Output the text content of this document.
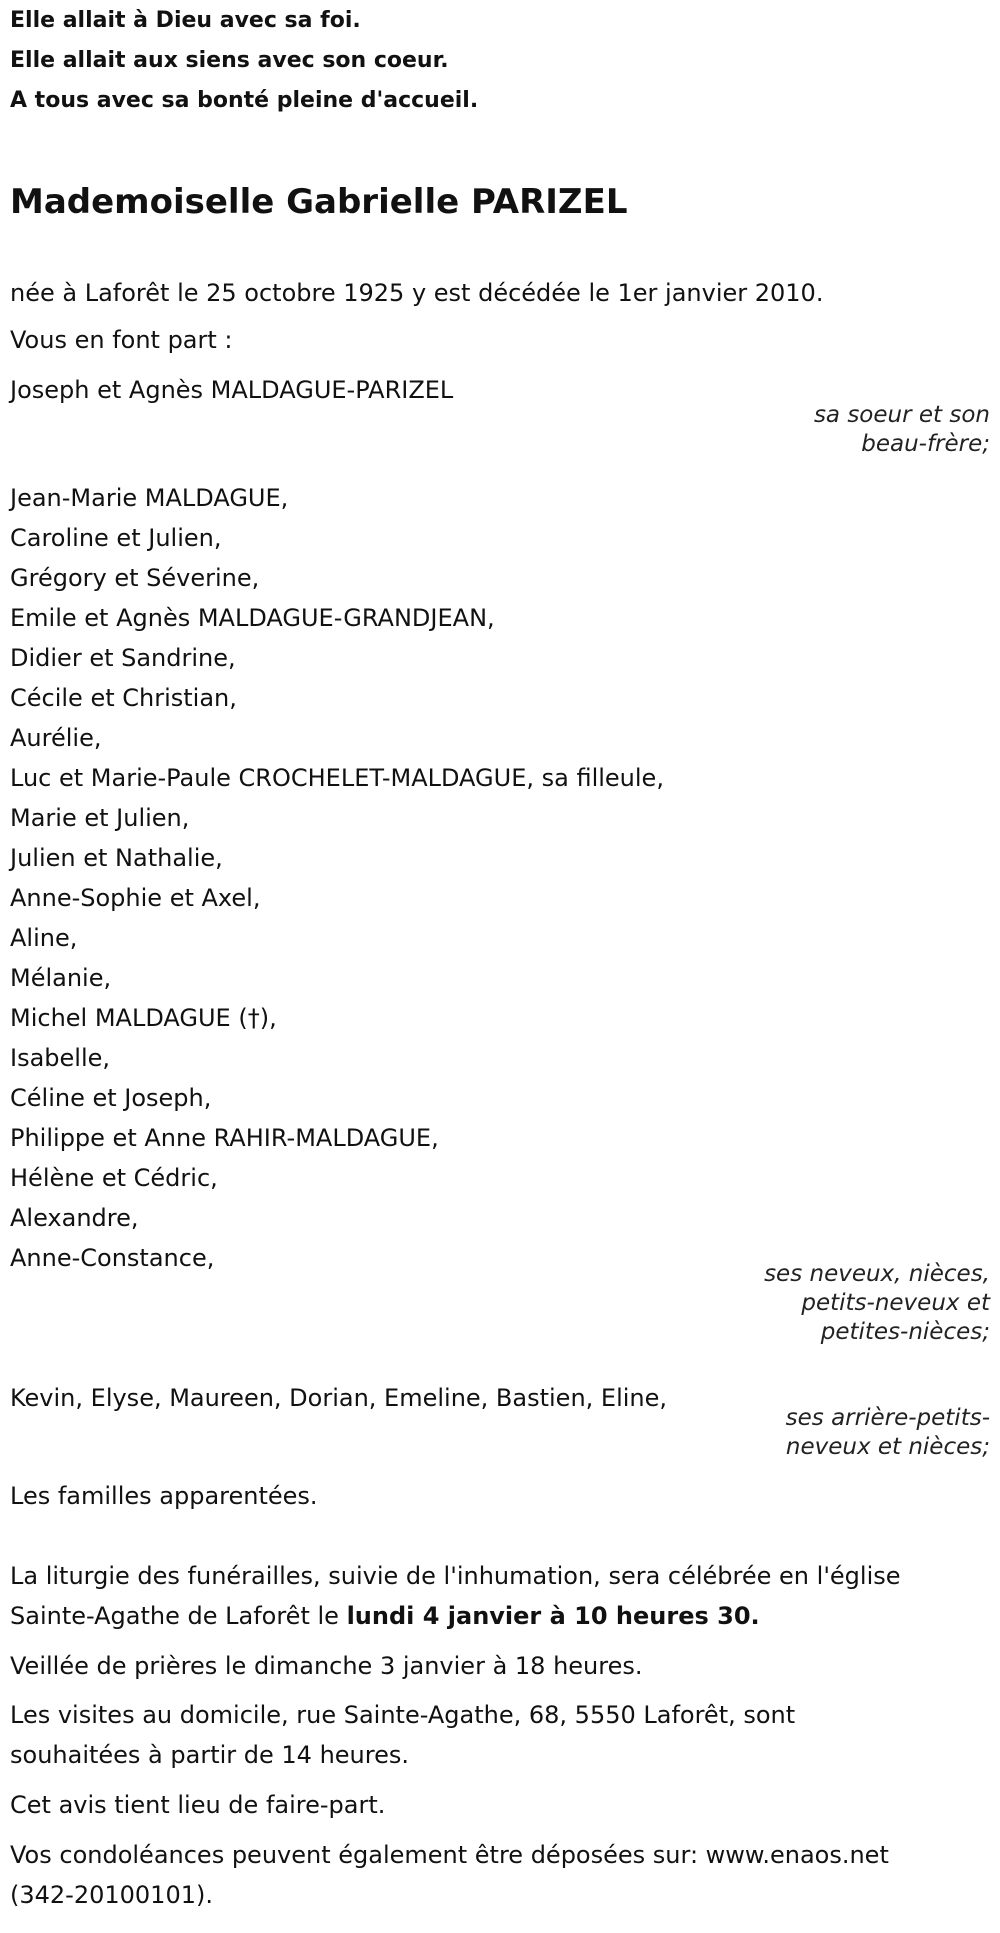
Elle allait à Dieu avec sa foi.
Elle allait aux siens avec son coeur.
A tous avec sa bonté pleine d'accueil.
Mademoiselle Gabrielle PARIZEL
née à Laforêt le 25 octobre 1925 y est décédée le 1er janvier 2010.
Vous en font part :
Joseph et Agnès MALDAGUE-PARIZEL
sa soeur et son
beau-frère;
Jean-Marie MALDAGUE,
Caroline et Julien,
Grégory et Séverine,
Emile et Agnès MALDAGUE-GRANDJEAN,
Didier et Sandrine,
Cécile et Christian,
Aurélie,
Luc et Marie-Paule CROCHELET-MALDAGUE, sa filleule,
Marie et Julien,
Julien et Nathalie,
Anne-Sophie et Axel,
Aline,
Mélanie,
Michel MALDAGUE (†),
Isabelle,
Céline et Joseph,
Philippe et Anne RAHIR-MALDAGUE,
Hélène et Cédric,
Alexandre,
Anne-Constance,
ses neveux, nièces,
petits-neveux et
petites-nièces;
Kevin, Elyse, Maureen, Dorian, Emeline, Bastien, Eline,
ses arrière-petits-
neveux et nièces;
Les familles apparentées.
La liturgie des funérailles, suivie de l'inhumation, sera célébrée en l'église
Sainte-Agathe de Laforêt le lundi 4 janvier à 10 heures 30.
Veillée de prières le dimanche 3 janvier à 18 heures.
Les visites au domicile, rue Sainte-Agathe, 68, 5550 Laforêt, sont
souhaitées à partir de 14 heures.
Cet avis tient lieu de faire-part.
Vos condoléances peuvent également être déposées sur: www.enaos.net
(342-20100101).
